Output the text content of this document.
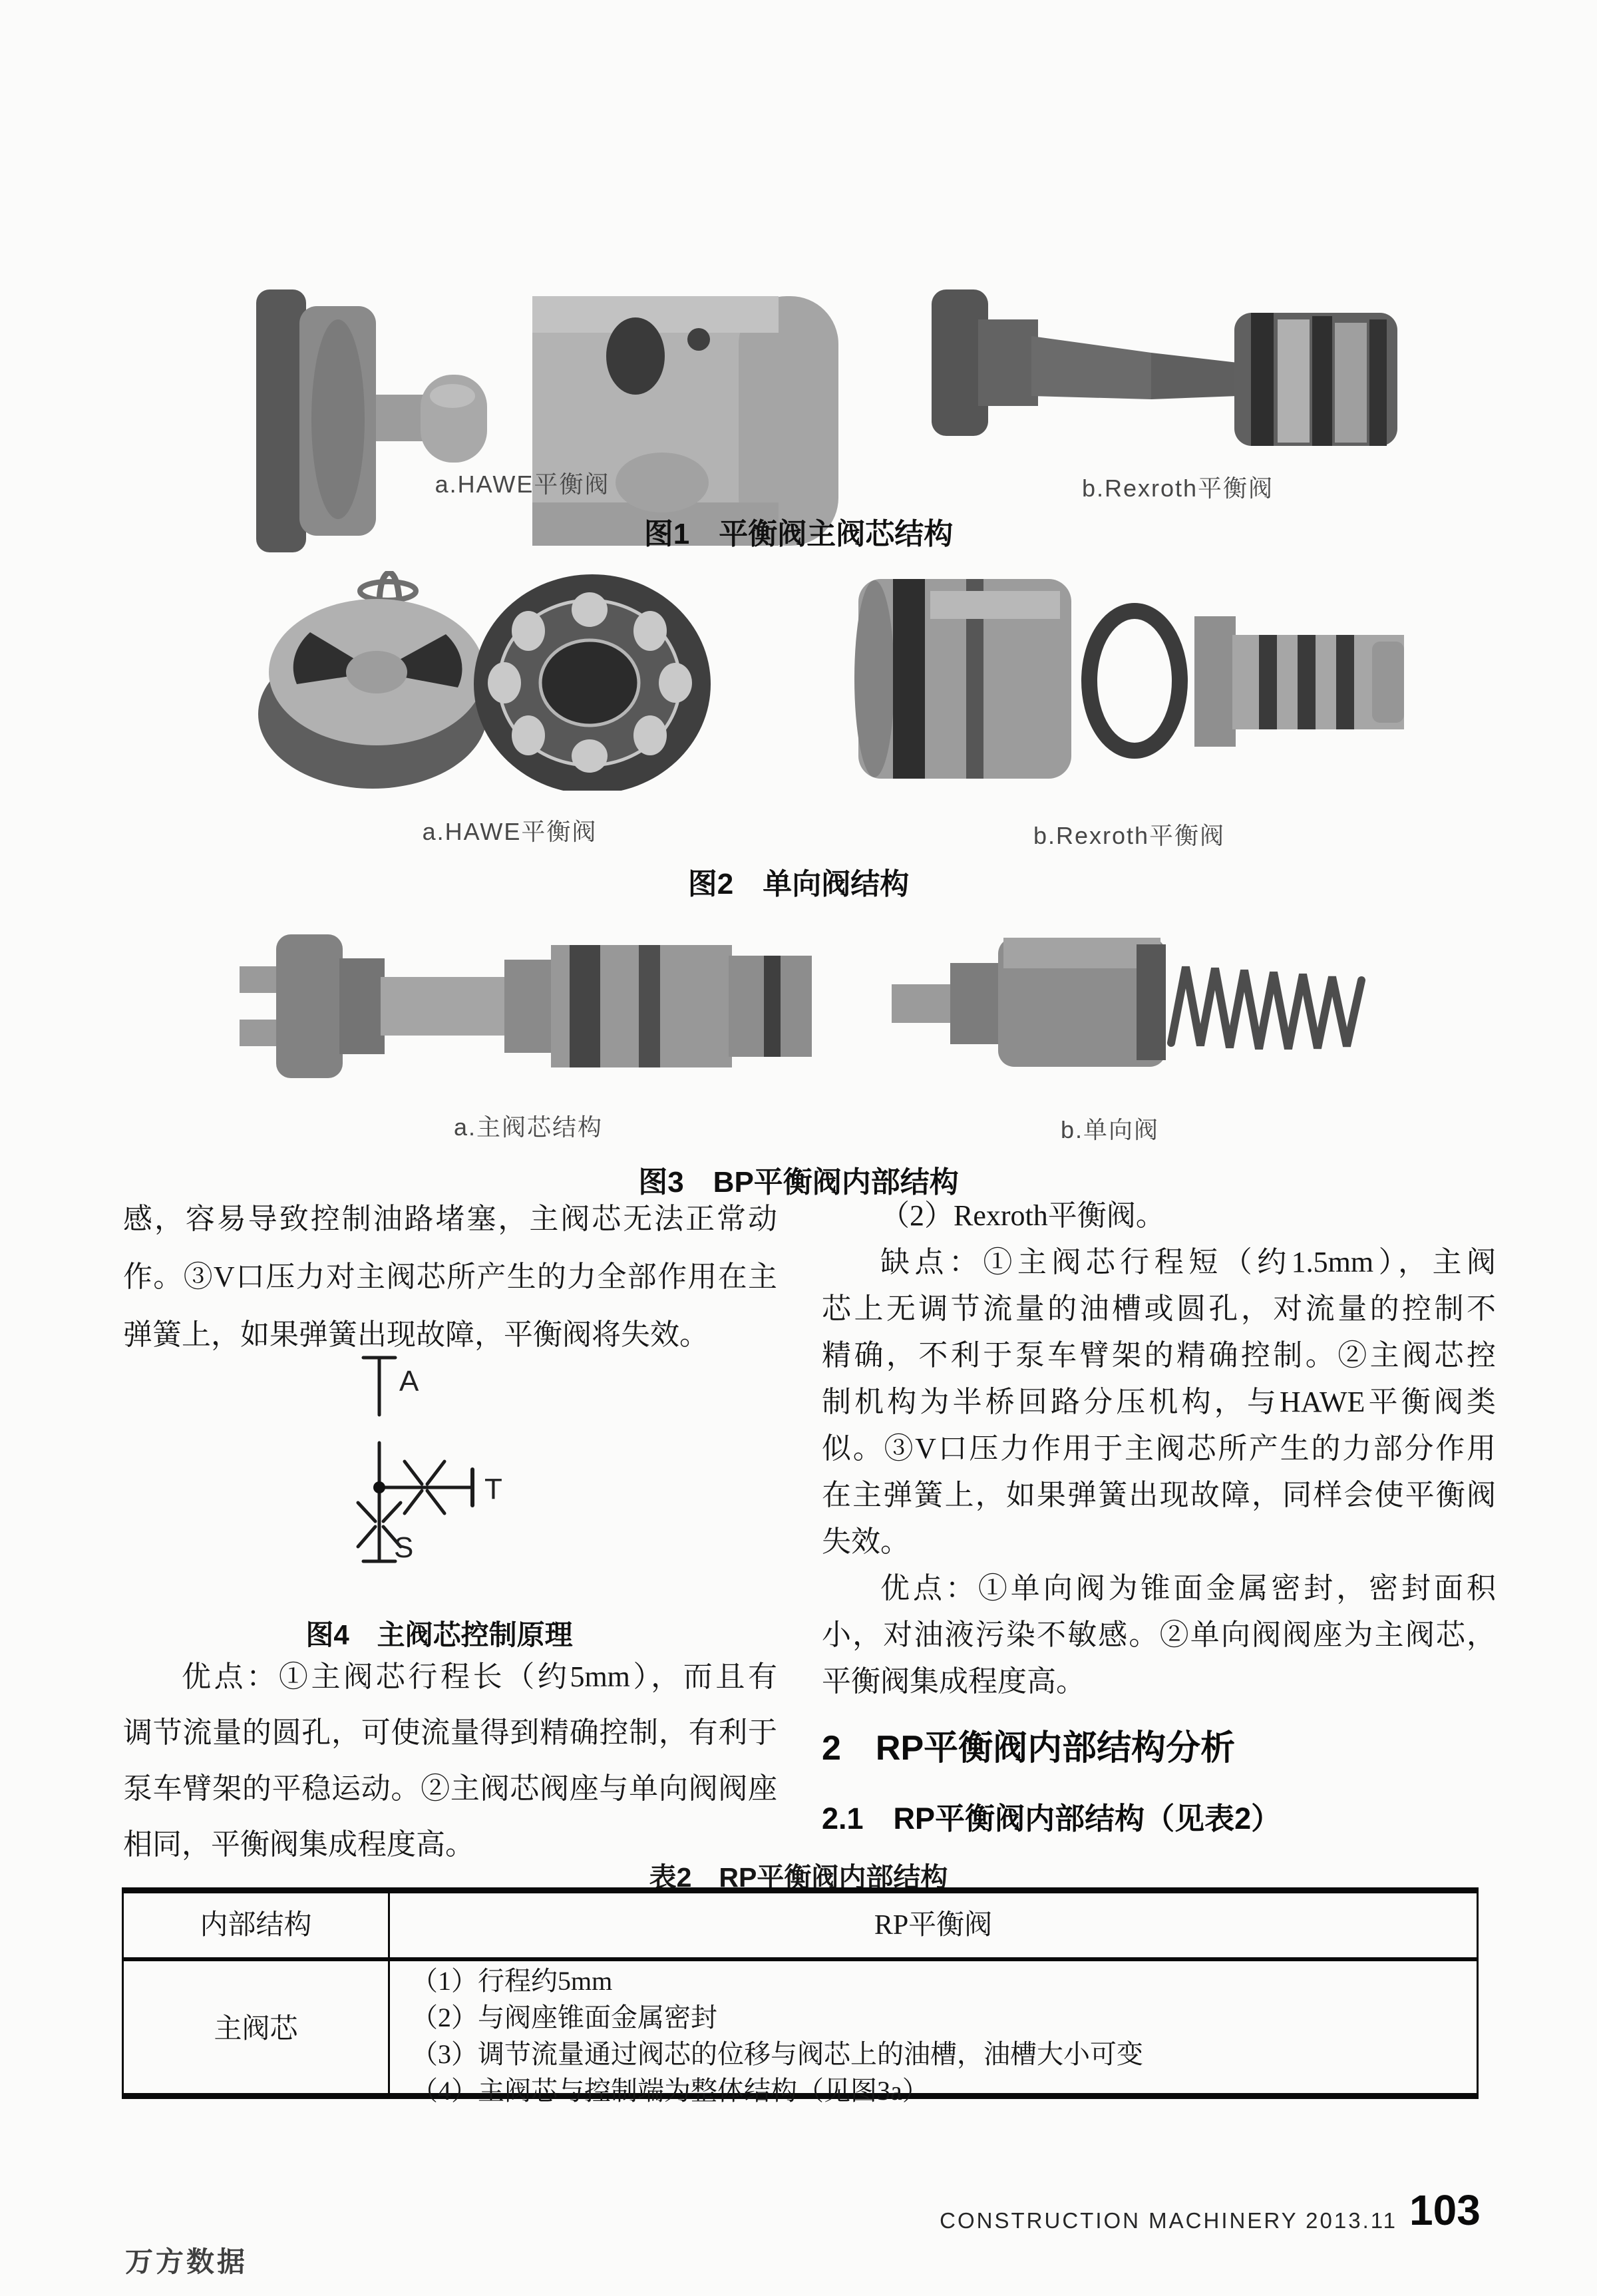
a.HAWE平衡阀	b.Rexroth平衡阀
图1　平衡阀主阀芯结构
a.HAWE平衡阀	b.Rexroth平衡阀
图2　单向阀结构
a.主阀芯结构	b.单向阀
图3　BP平衡阀内部结构
感，容易导致控制油路堵塞，主阀芯无法正常动
作。③V口压力对主阀芯所产生的力全部作用在主
弹簧上，如果弹簧出现故障，平衡阀将失效。
A
T
S
图4　主阀芯控制原理
优点：①主阀芯行程长（约5mm），而且有
调节流量的圆孔，可使流量得到精确控制，有利于
泵车臂架的平稳运动。②主阀芯阀座与单向阀阀座
相同，平衡阀集成程度高。
（2）Rexroth平衡阀。
缺点：①主阀芯行程短（约1.5mm），主阀
芯上无调节流量的油槽或圆孔，对流量的控制不
精确，不利于泵车臂架的精确控制。②主阀芯控
制机构为半桥回路分压机构，与HAWE平衡阀类
似。③V口压力作用于主阀芯所产生的力部分作用
在主弹簧上，如果弹簧出现故障，同样会使平衡阀
失效。
优点：①单向阀为锥面金属密封，密封面积
小，对油液污染不敏感。②单向阀阀座为主阀芯，
平衡阀集成程度高。
2　RP平衡阀内部结构分析
2.1　RP平衡阀内部结构（见表2）
表2　RP平衡阀内部结构
内部结构	RP平衡阀
主阀芯
（1）行程约5mm
（2）与阀座锥面金属密封
（3）调节流量通过阀芯的位移与阀芯上的油槽，油槽大小可变
（4）主阀芯与控制端为整体结构（见图3a）
CONSTRUCTION MACHINERY 2013.11 103
万方数据
